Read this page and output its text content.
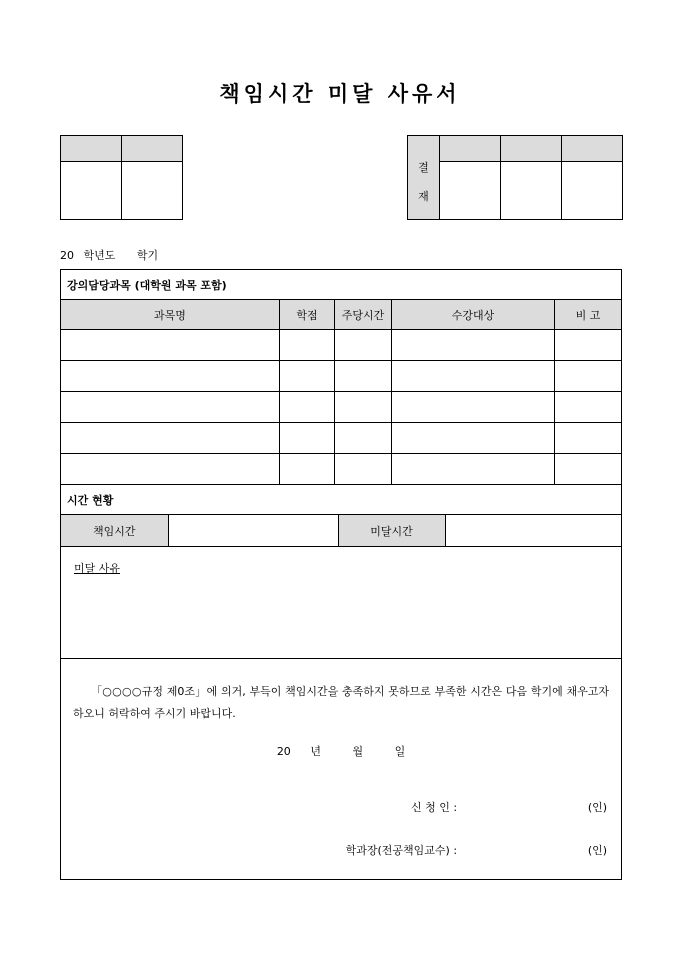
책임시간 미달 사유서

결
재			

20 학년도 학기
강의담당과목 (대학원 과목 포함)
과목명	학점	주당시간	수강대상	비 고

시간 현황

책임시간		미달시간	

미달 사유

「○○○○규정 제0조」에 의거, 부득이 책임시간을 충족하지 못하므로 부족한 시간은 다음 학기에 채우고자 하오니 허락하여 주시기 바랍니다.
20 년	월	일
신 청 인 :	(인)
학과장(전공책임교수) :	(인)
